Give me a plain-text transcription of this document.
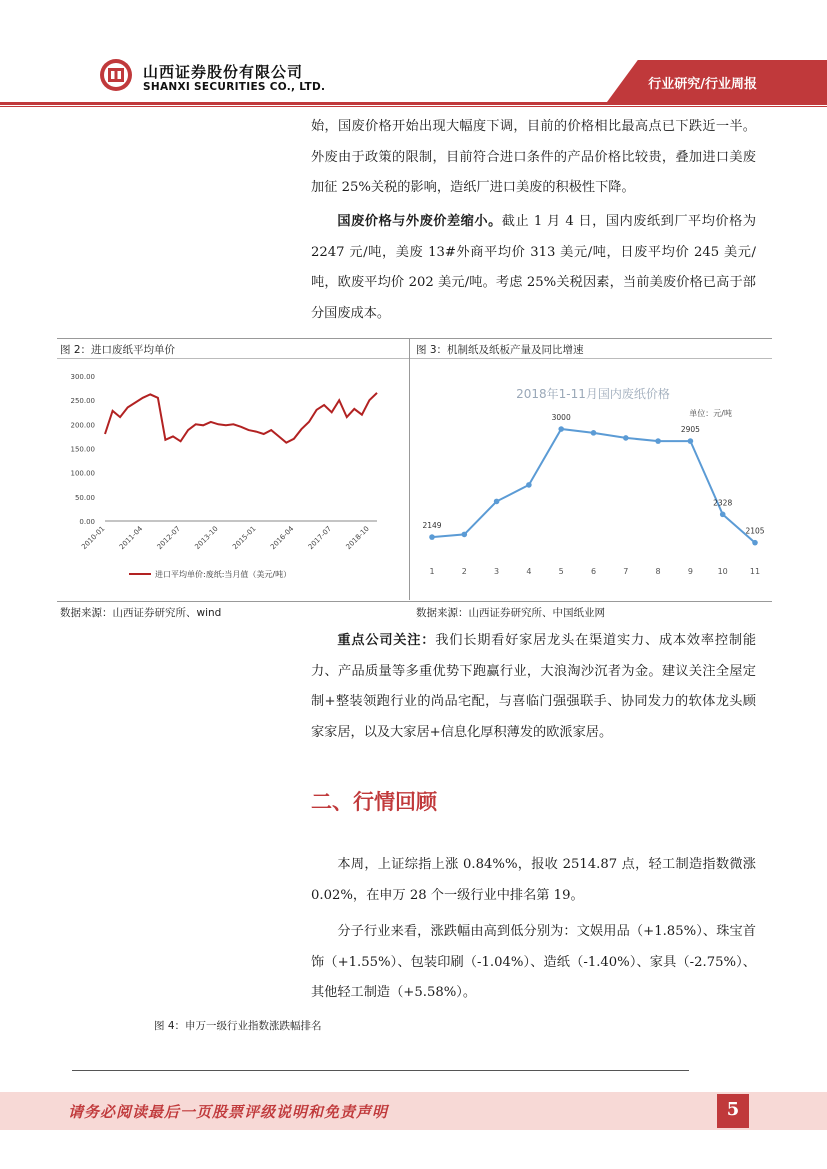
山西证券股份有限公司
SHANXI SECURITIES CO., LTD.	行业研究/行业周报
始，国废价格开始出现大幅度下调，目前的价格相比最高点已下跌近一半。外废由于政策的限制，目前符合进口条件的产品价格比较贵，叠加进口美废加征 25%关税的影响，造纸厂进口美废的积极性下降。
国废价格与外废价差缩小。截止 1 月 4 日，国内废纸到厂平均价格为 2247 元/吨，美废 13#外商平均价 313 美元/吨，日废平均价 245 美元/吨，欧废平均价 202 美元/吨。考虑 25%关税因素，当前美废价格已高于部分国废成本。
图 2：进口废纸平均单价	图 3：机制纸及纸板产量及同比增速
300.00
250.00
200.00
150.00
100.00
50.00
0.00
2010-01 2011-04 2012-07 2013-10 2015-01 2016-04 2017-07 2018-10
进口平均单价:废纸:当月值（美元/吨）
2018年1-11月国内废纸价格
单位：元/吨
2149
3000
2905
2328
2105
1	2	3	4	5	6	7	8	9	10	11
数据来源：山西证券研究所、wind	数据来源：山西证券研究所、中国纸业网
重点公司关注：我们长期看好家居龙头在渠道实力、成本效率控制能力、产品质量等多重优势下跑赢行业，大浪淘沙沉者为金。建议关注全屋定制+整装领跑行业的尚品宅配，与喜临门强强联手、协同发力的软体龙头顾家家居，以及大家居+信息化厚积薄发的欧派家居。
二、行情回顾
本周，上证综指上涨 0.84%%，报收 2514.87 点，轻工制造指数微涨 0.02%，在申万 28 个一级行业中排名第 19。
分子行业来看，涨跌幅由高到低分别为：文娱用品（+1.85%）、珠宝首饰（+1.55%）、包装印刷（-1.04%）、造纸（-1.40%）、家具（-2.75%）、其他轻工制造（+5.58%）。
图 4：申万一级行业指数涨跌幅排名
请务必阅读最后一页股票评级说明和免责声明	5
